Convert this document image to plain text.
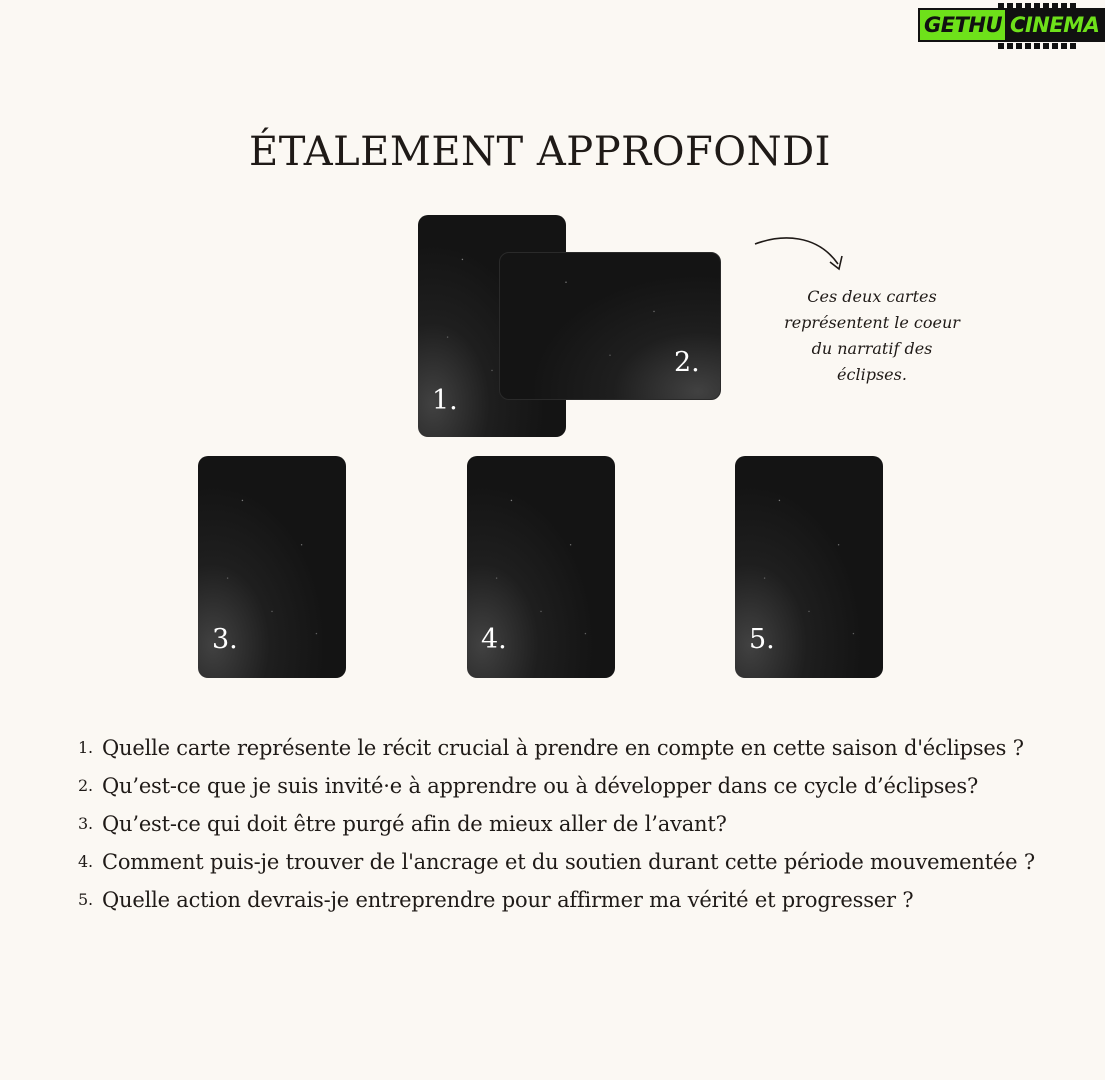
GETHU CINEMA
ÉTALEMENT APPROFONDI
1.
2.
Ces deux cartes
représentent le coeur
du narratif des
éclipses.
3.	4.	5.
1. Quelle carte représente le récit crucial à prendre en compte en cette saison d'éclipses ?
2. Qu’est-ce que je suis invité·e à apprendre ou à développer dans ce cycle d’éclipses?
3. Qu’est-ce qui doit être purgé afin de mieux aller de l’avant?
4. Comment puis-je trouver de l'ancrage et du soutien durant cette période mouvementée ?
5. Quelle action devrais-je entreprendre pour affirmer ma vérité et progresser ?
